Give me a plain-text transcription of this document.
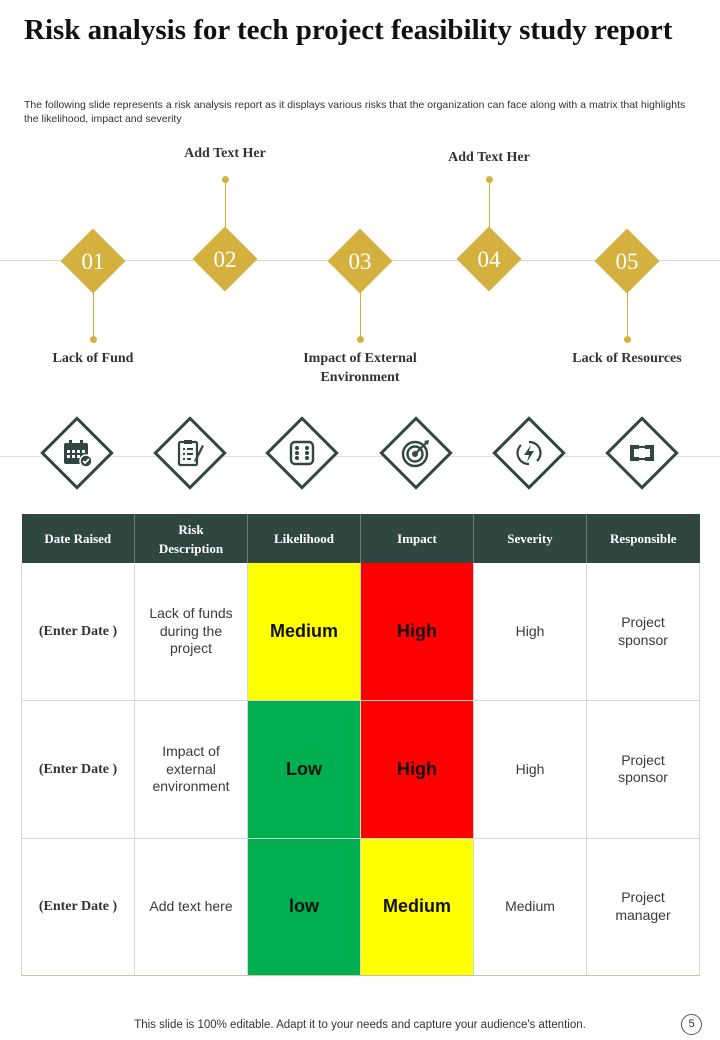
Risk analysis for tech project feasibility study report
The following slide represents a risk analysis report as it displays various risks that the organization can face along with a matrix that highlights the likelihood, impact and severity
01
Lack of Fund
02
Add Text Her
03
Impact of External Environment
04
Add Text Her
05
Lack of Resources
Date Raised	Risk Description	Likelihood	Impact	Severity	Responsible
(Enter Date )	Lack of funds during the project	Medium	High	High	Project sponsor
(Enter Date )	Impact of external environment	Low	High	High	Project sponsor
(Enter Date )	Add text here	low	Medium	Medium	Project manager
This slide is 100% editable. Adapt it to your needs and capture your audience's attention.	5
